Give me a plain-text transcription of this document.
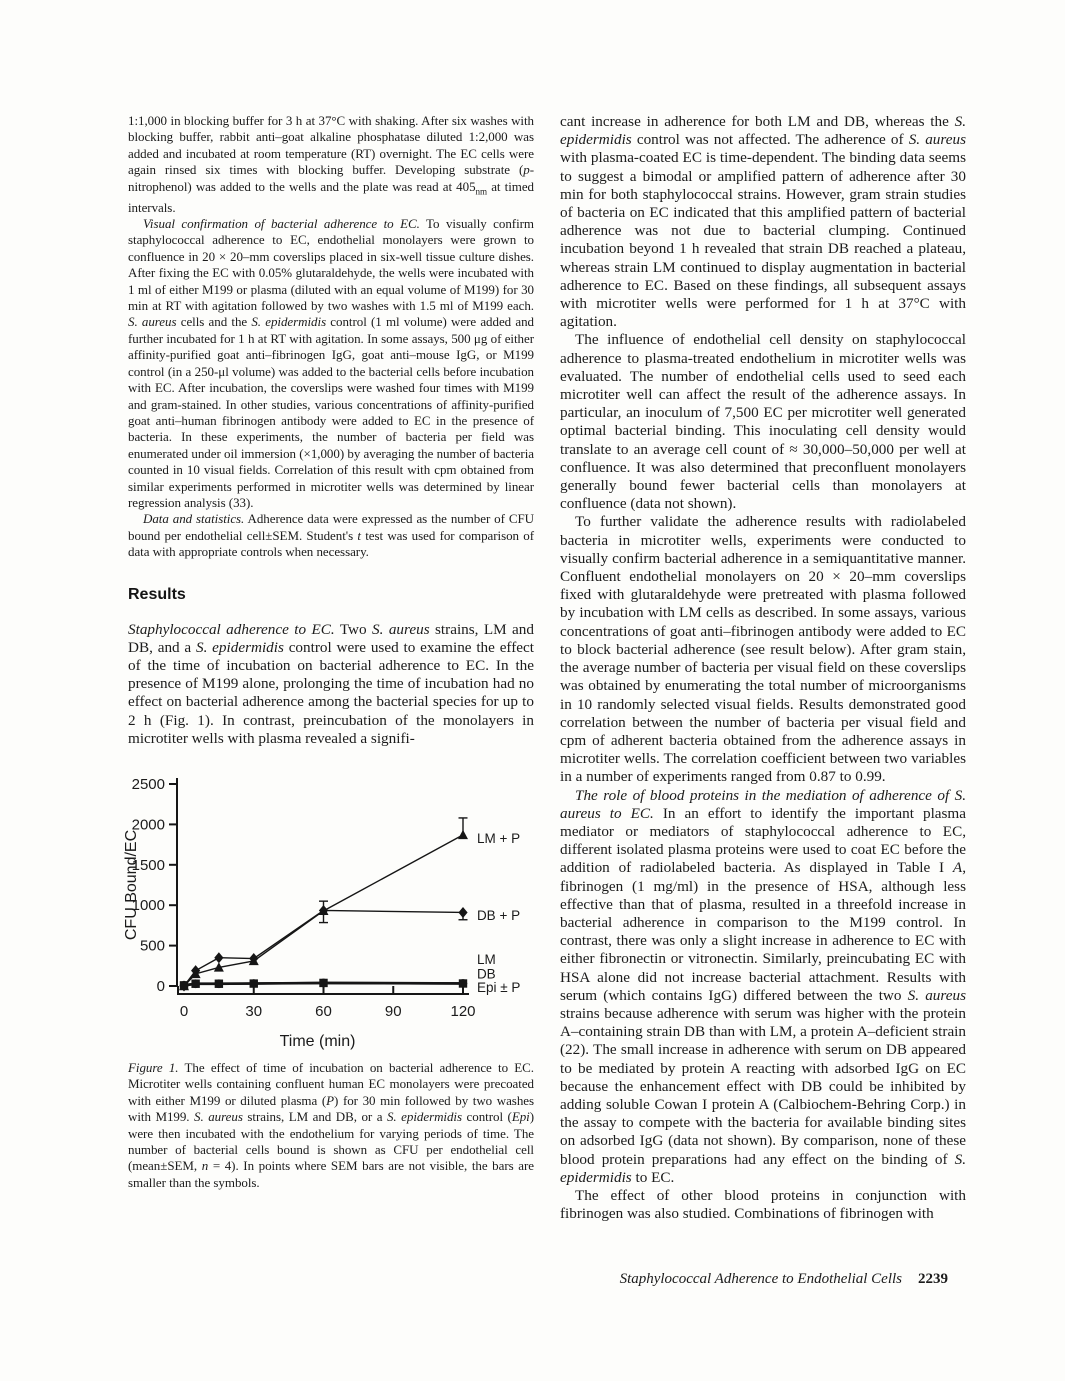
1:1,000 in blocking buffer for 3 h at 37°C with shaking. After six washes with blocking buffer, rabbit anti–goat alkaline phosphatase diluted 1:2,000 was added and incubated at room temperature (RT) overnight. The EC cells were again rinsed six times with blocking buffer. Developing substrate (p-nitrophenol) was added to the wells and the plate was read at $405_{nm}$ at timed intervals.

Visual confirmation of bacterial adherence to EC. To visually confirm staphylococcal adherence to EC, endothelial monolayers were grown to confluence in 20 × 20–mm coverslips placed in six-well tissue culture dishes. After fixing the EC with 0.05% glutaraldehyde, the wells were incubated with 1 ml of either M199 or plasma (diluted with an equal volume of M199) for 30 min at RT with agitation followed by two washes with 1.5 ml of M199 each. S. aureus cells and the S. epidermidis control (1 ml volume) were added and further incubated for 1 h at RT with agitation. In some assays, 500 μg of either affinity-purified goat anti–fibrinogen IgG, goat anti–mouse IgG, or M199 control (in a 250-μl volume) was added to the bacterial cells before incubation with EC. After incubation, the coverslips were washed four times with M199 and gram-stained. In other studies, various concentrations of affinity-purified goat anti–human fibrinogen antibody were added to EC in the presence of bacteria. In these experiments, the number of bacteria per field was enumerated under oil immersion (×1,000) by averaging the number of bacteria counted in 10 visual fields. Correlation of this result with cpm obtained from similar experiments performed in microtiter wells was determined by linear regression analysis (33).

Data and statistics. Adherence data were expressed as the number of CFU bound per endothelial cell±SEM. Student's t test was used for comparison of data with appropriate controls when necessary.

Results

Staphylococcal adherence to EC. Two S. aureus strains, LM and DB, and a S. epidermidis control were used to examine the effect of the time of incubation on bacterial adherence to EC. In the presence of M199 alone, prolonging the time of incubation had no effect on bacterial adherence among the bacterial species for up to 2 h (Fig. 1). In contrast, preincubation of the monolayers in microtiter wells with plasma revealed a signifi-

0
500
1000
1500
2000
2500
0	30	60	90	120
CFU Bound/EC
Time (min)
LM + P
DB + P
LM
DB
Epi ± P

Figure 1. The effect of time of incubation on bacterial adherence to EC. Microtiter wells containing confluent human EC monolayers were precoated with either M199 or diluted plasma (P) for 30 min followed by two washes with M199. S. aureus strains, LM and DB, or a S. epidermidis control (Epi) were then incubated with the endothelium for varying periods of time. The number of bacterial cells bound is shown as CFU per endothelial cell (mean±SEM, n = 4). In points where SEM bars are not visible, the bars are smaller than the symbols.

cant increase in adherence for both LM and DB, whereas the S. epidermidis control was not affected. The adherence of S. aureus with plasma-coated EC is time-dependent. The binding data seems to suggest a bimodal or amplified pattern of adherence after 30 min for both staphylococcal strains. However, gram strain studies of bacteria on EC indicated that this amplified pattern of bacterial adherence was not due to bacterial clumping. Continued incubation beyond 1 h revealed that strain DB reached a plateau, whereas strain LM continued to display augmentation in bacterial adherence to EC. Based on these findings, all subsequent assays with microtiter wells were performed for 1 h at 37°C with agitation.

The influence of endothelial cell density on staphylococcal adherence to plasma-treated endothelium in microtiter wells was evaluated. The number of endothelial cells used to seed each microtiter well can affect the result of the adherence assays. In particular, an inoculum of 7,500 EC per microtiter well generated optimal bacterial binding. This inoculating cell density would translate to an average cell count of ≈ 30,000–50,000 per well at confluence. It was also determined that preconfluent monolayers generally bound fewer bacterial cells than monolayers at confluence (data not shown).

To further validate the adherence results with radiolabeled bacteria in microtiter wells, experiments were conducted to visually confirm bacterial adherence in a semiquantitative manner. Confluent endothelial monolayers on 20 × 20–mm coverslips fixed with glutaraldehyde were pretreated with plasma followed by incubation with LM cells as described. In some assays, various concentrations of goat anti–fibrinogen antibody were added to EC to block bacterial adherence (see result below). After gram stain, the average number of bacteria per visual field on these coverslips was obtained by enumerating the total number of microorganisms in 10 randomly selected visual fields. Results demonstrated good correlation between the number of bacteria per visual field and cpm of adherent bacteria obtained from the adherence assays in microtiter wells. The correlation coefficient between two variables in a number of experiments ranged from 0.87 to 0.99.

The role of blood proteins in the mediation of adherence of S. aureus to EC. In an effort to identify the important plasma mediator or mediators of staphylococcal adherence to EC, different isolated plasma proteins were used to coat EC before the addition of radiolabeled bacteria. As displayed in Table I A, fibrinogen (1 mg/ml) in the presence of HSA, although less effective than that of plasma, resulted in a threefold increase in bacterial adherence in comparison to the M199 control. In contrast, there was only a slight increase in adherence to EC with either fibronectin or vitronectin. Similarly, preincubating EC with HSA alone did not increase bacterial attachment. Results with serum (which contains IgG) differed between the two S. aureus strains because adherence with serum was higher with the protein A–containing strain DB than with LM, a protein A–deficient strain (22). The small increase in adherence with serum on DB appeared to be mediated by protein A reacting with adsorbed IgG on EC because the enhancement effect with DB could be inhibited by adding soluble Cowan I protein A (Calbiochem-Behring Corp.) in the assay to compete with the bacteria for available binding sites on adsorbed IgG (data not shown). By comparison, none of these blood protein preparations had any effect on the binding of S. epidermidis to EC.

The effect of other blood proteins in conjunction with fibrinogen was also studied. Combinations of fibrinogen with

Staphylococcal Adherence to Endothelial Cells 2239
